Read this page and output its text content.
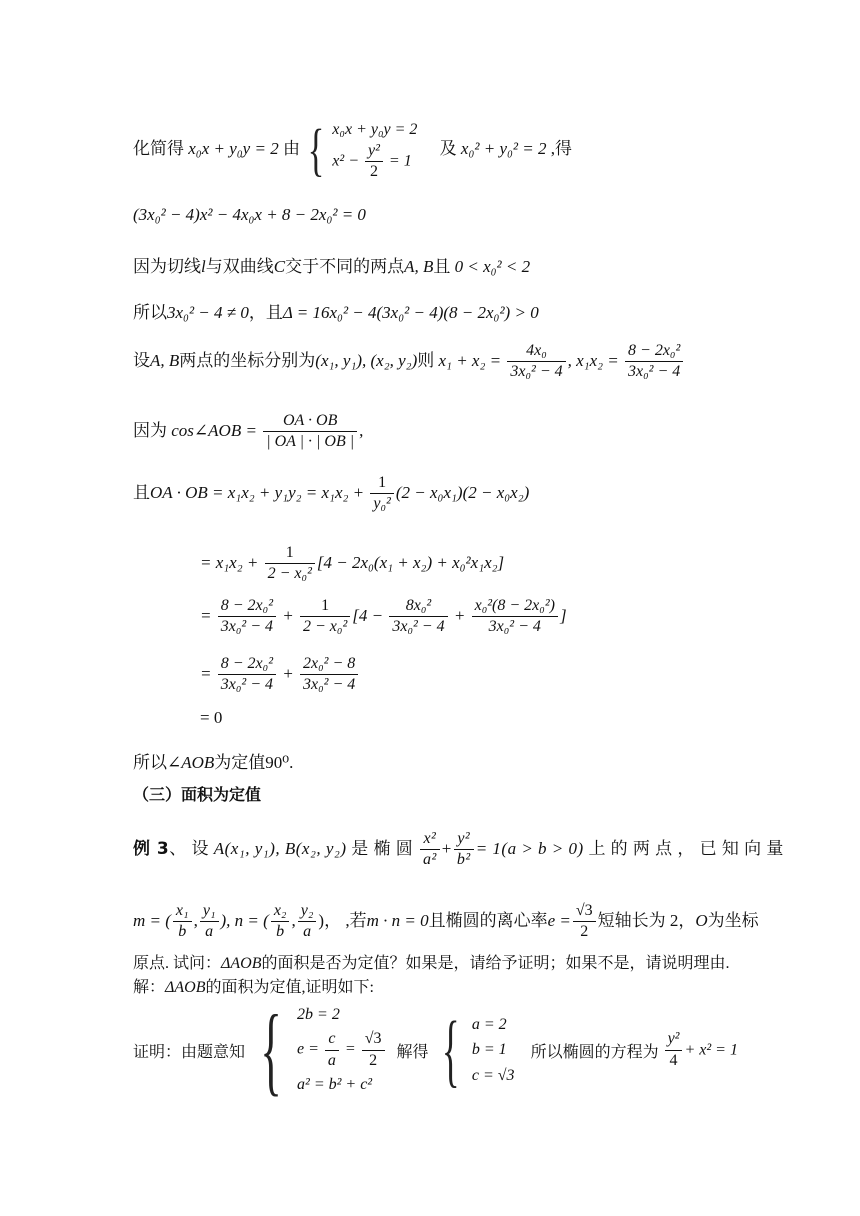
化简得 x₀x + y₀y = 2 由 { x₀x + y₀y = 2
$x^2 - \frac{\text{y²}}{2} = 1$
及 x₀² + y₀² = 2 ,得
(3x₀² − 4)x² − 4x₀x + 8 − 2x₀² = 0
因为切线l与双曲线C交于不同的两点A, B且 0 < x₀² < 2
所以3x₀² − 4 ≠ 0，且Δ = 16x₀² − 4(3x₀² − 4)(8 − 2x₀²) > 0
设A, B两点的坐标分别为(x₁, y₁), (x₂, y₂)则 $x_1 + x_2 = \frac{\text{4x₀}}{\text{3x₀² − 4}}$ , $x_1x_2 = \frac{\text{8 − 2x₀²}}{\text{3x₀² − 4}}$
因为 cos∠AOB = $\frac{OA \cdot OB}{| OA | \cdot | OB |}$ ,
且OA · OB = $x_1x_2 + y_1y_2 = x_1x_2 + \frac{1}{\text{y₀²}} (2 - x_0x_1)(2 - x_0x_2)$
= $x_1x_2 + \frac{1}{\text{2 − x₀²}} [4 - 2x_0(x_1 + x_2) + x_0^2x_1x_2]$
= $\frac{\text{8 − 2x₀²}}{\text{3x₀² − 4}} + \frac{1}{\text{2 − x₀²}} [4 - \frac{\text{8x₀²}}{\text{3x₀² − 4}} + \frac{\text{x₀²(8 − 2x₀²)}}{\text{3x₀² − 4}}$ ]
= $\frac{\text{8 − 2x₀²}}{\text{3x₀² − 4}} + \frac{\text{2x₀² − 8}}{\text{3x₀² − 4}}$
= 0
所以∠AOB为定值90⁰.
（三）面积为定值
例 3、 设 A(x₁, y₁), B(x₂, y₂) 是 椭 圆 $\frac{\text{x²}}{\text{a²}} + \frac{\text{y²}}{\text{b²}} = 1(a > b > 0)$ 上 的 两 点 ， 已 知 向 量
m = ( $\frac{\text{x₁}}{b}$ , $\frac{\text{y₁}}{a}$ ), n = ( $\frac{\text{x₂}}{b}$ , $\frac{\text{y₂}}{a}$ )， ,若m · n = 0且椭圆的离心率$e = \frac{√3}{2}$ 短轴长为 2，O为坐标
原点. 试问：ΔAOB的面积是否为定值？如果是，请给予证明；如果不是，请说明理由.
解：ΔAOB的面积为定值,证明如下:
证明：由题意知 { 2b = 2
$e = \frac{c}{a} = \frac{√3}{2}$
a² = b² + c²
解得 { a = 2
b = 1
c = √3
所以椭圆的方程为 $\frac{\text{y²}}{4} + x^2 = 1$
